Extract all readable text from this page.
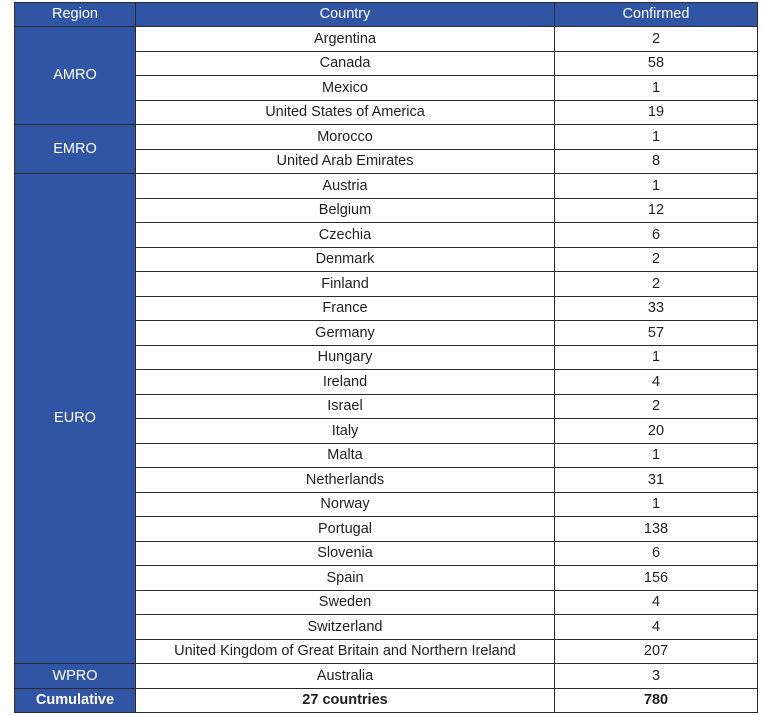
Region	Country	Confirmed
AMRO	Argentina	2
	Canada	58
	Mexico	1
	United States of America	19
EMRO	Morocco	1
	United Arab Emirates	8
EURO	Austria	1
	Belgium	12
	Czechia	6
	Denmark	2
	Finland	2
	France	33
	Germany	57
	Hungary	1
	Ireland	4
	Israel	2
	Italy	20
	Malta	1
	Netherlands	31
	Norway	1
	Portugal	138
	Slovenia	6
	Spain	156
	Sweden	4
	Switzerland	4
	United Kingdom of Great Britain and Northern Ireland	207
WPRO	Australia	3
Cumulative	27 countries	780
